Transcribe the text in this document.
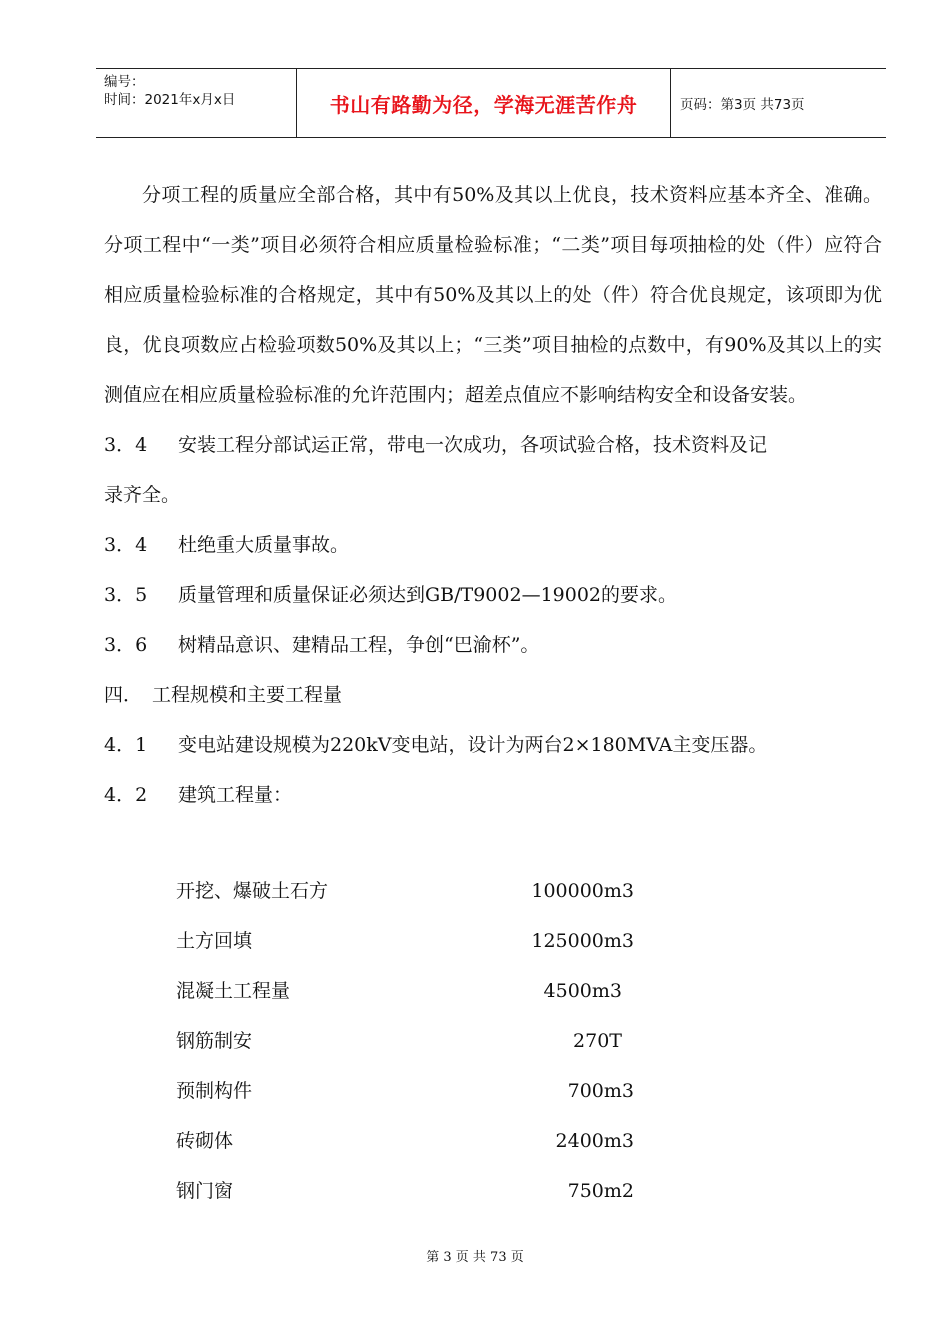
编号：
时间：2021年x月x日	书山有路勤为径，学海无涯苦作舟	页码：第3页 共73页

分项工程的质量应全部合格，其中有50%及其以上优良，技术资料应基本齐全、准确。分项工程中“一类”项目必须符合相应质量检验标准；“二类”项目每项抽检的处（件）应符合相应质量检验标准的合格规定，其中有50%及其以上的处（件）符合优良规定，该项即为优良，优良项数应占检验项数50%及其以上；“三类”项目抽检的点数中，有90%及其以上的实测值应在相应质量检验标准的允许范围内；超差点值应不影响结构安全和设备安装。

3．4 安装工程分部试运正常，带电一次成功，各项试验合格，技术资料及记
录齐全。
3．4 杜绝重大质量事故。
3．5 质量管理和质量保证必须达到GB/T9002—19002的要求。
3．6 树精品意识、建精品工程，争创“巴渝杯”。
四． 工程规模和主要工程量
4．1 变电站建设规模为220kV变电站，设计为两台2×180MVA主变压器。
4．2 建筑工程量：
开挖、爆破土石方	100000m3
土方回填	125000m3
混凝土工程量	4500m3
钢筋制安	270T
预制构件	700m3
砖砌体	2400m3
钢门窗	750m2
第 3 页 共 73 页
